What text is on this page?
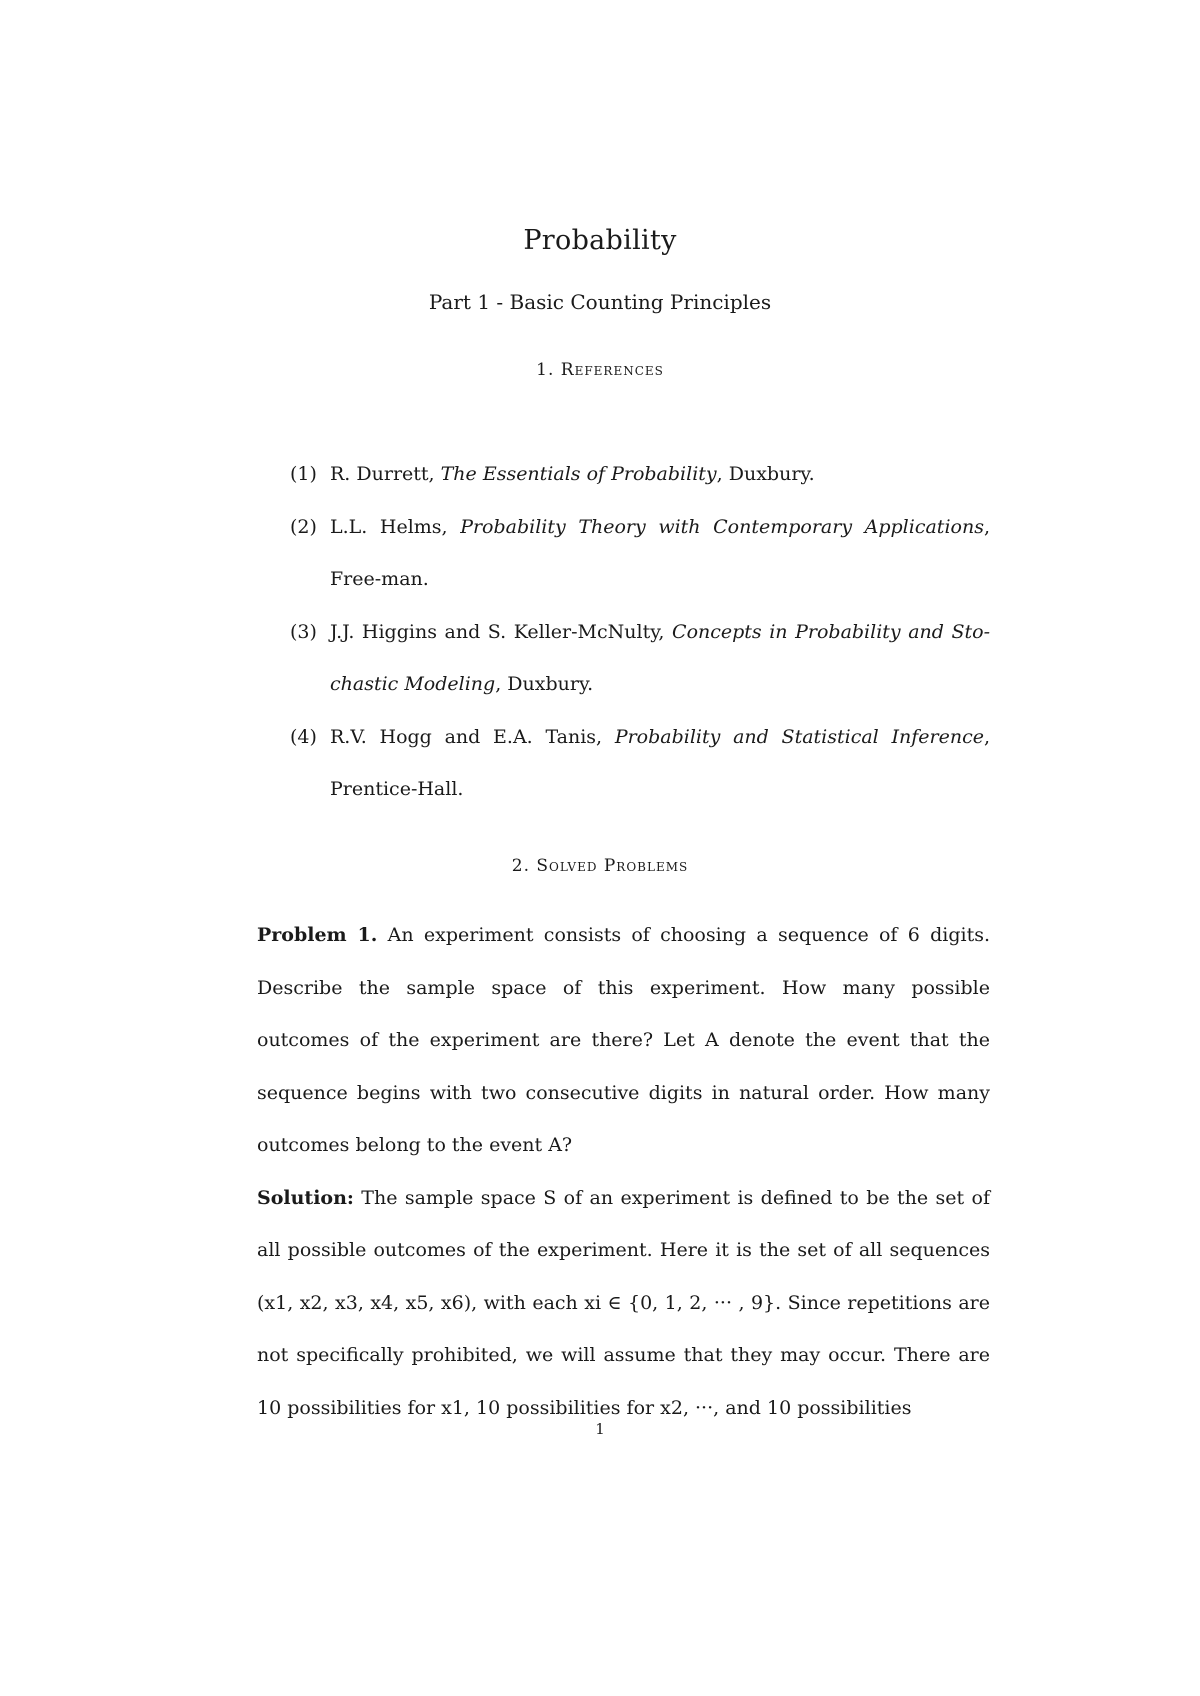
Probability
Part 1 - Basic Counting Principles
1. References
(1) R. Durrett, The Essentials of Probability, Duxbury.
(2) L.L. Helms, Probability Theory with Contemporary Applications, Free-man.
(3) J.J. Higgins and S. Keller-McNulty, Concepts in Probability and Sto-chastic Modeling, Duxbury.
(4) R.V. Hogg and E.A. Tanis, Probability and Statistical Inference, Prentice-Hall.
2. Solved Problems
Problem 1. An experiment consists of choosing a sequence of 6 digits. Describe the sample space of this experiment. How many possible outcomes of the experiment are there? Let A denote the event that the sequence begins with two consecutive digits in natural order. How many outcomes belong to the event A?
Solution: The sample space S of an experiment is defined to be the set of all possible outcomes of the experiment. Here it is the set of all sequences (x1, x2, x3, x4, x5, x6), with each xi ∈ {0, 1, 2, ··· , 9}. Since repetitions are not specifically prohibited, we will assume that they may occur. There are 10 possibilities for x1, 10 possibilities for x2, ···, and 10 possibilities
1
